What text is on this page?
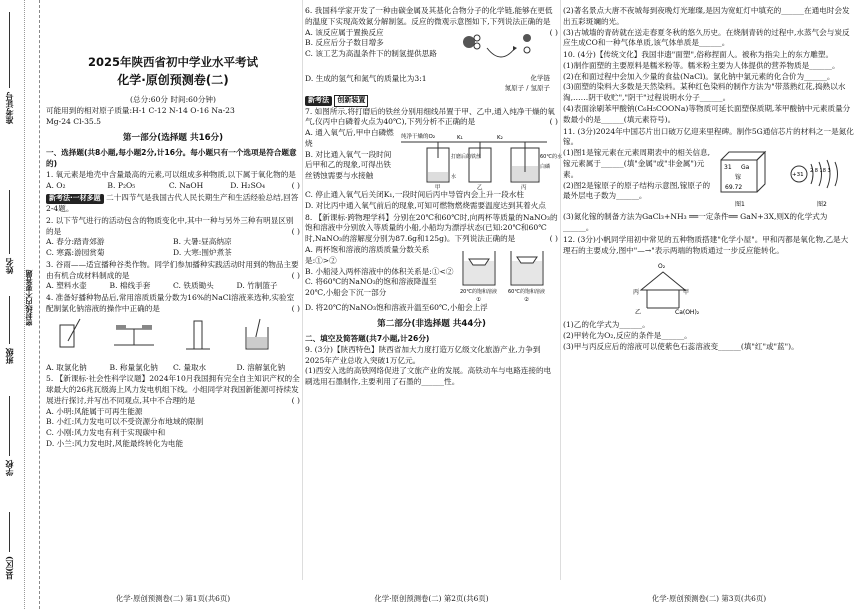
准考证号
姓名
密封线内不要答题
班级
学校
县(区)
2025年陕西省初中学业水平考试
化学·原创预测卷(二)

(总分:60分 时间:60分钟)

可能用到的相对原子质量:H-1 C-12 N-14 O-16 Na-23

Mg-24 Cl-35.5

第一部分(选择题 共16分)

一、选择题(共8小题,每小题2分,计16分。每小题只有一个选项是符合题意的)

1. 氧元素是地壳中含量最高的元素,可以组成多种物质,以下属于氧化物的是
( )

A. O₂	B. P₂O₅	C. NaOH	D. H₂SO₄

新考法·一材多题 二十四节气是我国古代人民长期生产和生活经验总结,回答2-4题。

2. 以下节气进行的活动包含的物质变化中,其中一种与另外三种有明显区别的是	( )

A. 春分:踏青郊游	B. 大暑:昼高纳凉
C. 寒露:游园赏菊	D. 大寒:围炉煮茶

3. 谷雨——适宜播种谷类作物。同学们参加播种实践活动时用到的物品主要由有机合成材料制成的是	( )

A. 塑料水壶	B. 棉线手套	C. 铁质锄头	D. 竹制篮子

4. 准备好播种物品后,常用溶质质量分数为16%的NaCl溶液来选种,实验室配制氯化钠溶液的操作中正确的是	( )

A. 取氯化钠	B. 称量氯化钠	C. 量取水	D. 溶解氯化钠

5. 【新课标·社会性科学议题】2024年10月我国拥有完全自主知识产权的全球最大的26兆瓦级海上风力发电机组下线。小组同学对我国新能源可持续发展进行探讨,并写出不同观点,其中不合理的是	( )

A. 小明:风能属于可再生能源
B. 小红:风力发电可以不受资源分布地域的限制
C. 小刚:风力发电有利于实现碳中和
D. 小兰:风力发电时,风能最终转化为电能
化学·原创预测卷(二) 第1页(共6页)

6. 我国科学家开发了一种由碳金属及其基化合物分子的化学链,能够在更低的温度下实现高效氮分解制氢。反应的微观示意图如下,下列说法正确的是
( )

A. 该反应属于置换反应

B. 反应后分子数目增多

C. 该工艺为高温条件下的制氢提供思路

D. 生成的氢气和氮气的质量比为3:1	化学链

氮原子 / 氢原子

新考法 创新装置

7. 如图所示,将打磨后的铁丝分别用细线吊置于甲、乙中,通入纯净干燥的氧气,仪丙中白磷着火点为40℃),下列分析不正确的是	( )

A. 通入氧气后,甲中白磷燃烧

B. 对比通入氧气一段时间后甲和乙的现象,可得出铁丝锈蚀需要与水接触

纯净干燥的O₂	K₁	K₂
打磨后的铁丝
水
60℃的水
白磷
甲	乙	丙

C. 停止通入氧气后关闭K₁,一段时间后丙中导管内会上升一段水柱

D. 对比丙中通入氧气前后的现象,可知可燃物燃烧需要温度达到其着火点

8. 【新课标·跨物理学科】分别在20℃和60℃时,向两杯等质量的NaNO₃的饱和溶液中分别放入等质量的小船,小船均为漂浮状态(已知:20℃和60℃时,NaNO₃的溶解度分别为87.6g和125g)。下列说法正确的是	( )

A. 两杯饱和溶液的溶质质量分数关系是:①>②

B. 小船浸入两杯溶液中的体积关系是:①<②

C. 将60℃的NaNO₃的饱和溶液降温至20℃,小船会下沉一部分	20℃的饱和溶液 60℃的饱和溶液
①	②

D. 将20℃的NaNO₃饱和溶液升温至60℃,小船会上浮

第二部分(非选择题 共44分)

二、填空及简答题(共7小题,计26分)

9. (3分)【陕西特色】陕西省加大力度打造万亿级文化旅游产业,力争到2025年产业总收入突破1万亿元。

(1)西安入选的高铁网络促进了文旅产业的发展。高铁动车与电路连接的电刷选用石墨制作,主要利用了石墨的______性。

化学·原创预测卷(二) 第2页(共6页)

(2)著名景点大唐不夜城每到夜晚灯光璀璨,是因为宽虹灯中填充的______在通电时会发出五彩斑斓的光。

(3)古城墙的青砖就在送走春夏冬秋的悠久历史。在烧制青砖的过程中,水蒸气会与炭反应生成CO和一种气体单质,该气体单质是______。

10. (4分)【传统文化】我国非遗"面塑",俗称捏面人。被称为指尖上的东方雕塑。

(1)制作面塑的主要原料是糯米粉等。糯米粉主要为人体提供的营养物质是______。

(2)在和面过程中会加入少量的食盐(NaCl)。氯化钠中氯元素的化合价为______。

(3)面塑的染料大多数是天然染料。某种红色染料的制作方法为"带蒸熟红花,捣熟以水淘,……阴干收贮","阴干"过程说明水分子______。

(4)表面涂刷苯甲酸钠(C₆H₅COONa)等物质可延长面塑保质期,苯甲酸钠中元素质量分数最小的是______(填元素符号)。

11. (3分)2024年中国芯片出口破万亿迎来里程碑。制作5G通信芯片的材料之一是氮化镓。

(1)图1是镓元素在元素周期表中的相关信息,镓元素属于______(填"金属"或"非金属")元素。

(2)图2是镓原子的原子结构示意图,镓原子的最外层电子数为______。

31 Ga
镓
69.72
图1
+31
2 8 18 3
图2

(3)氮化镓的制备方法为GaCl₃+NH₃ ══一定条件══ GaN+3X,则X的化学式为______。

12. (3分)小帆同学用初中常见的五种物质搭建"化学小屋"。甲和丙都是氧化物,乙是大理石的主要成分,图中"—→"表示两端的物质通过一步反应能转化。

O₂
丙	甲
乙	Ca(OH)₂

(1)乙的化学式为______。

(2)甲转化为O₂,反应的条件是______。

(3)甲与丙反应后的溶液可以使紫色石蕊溶液变______(填"红"或"蓝")。

化学·原创预测卷(二) 第3页(共6页)
